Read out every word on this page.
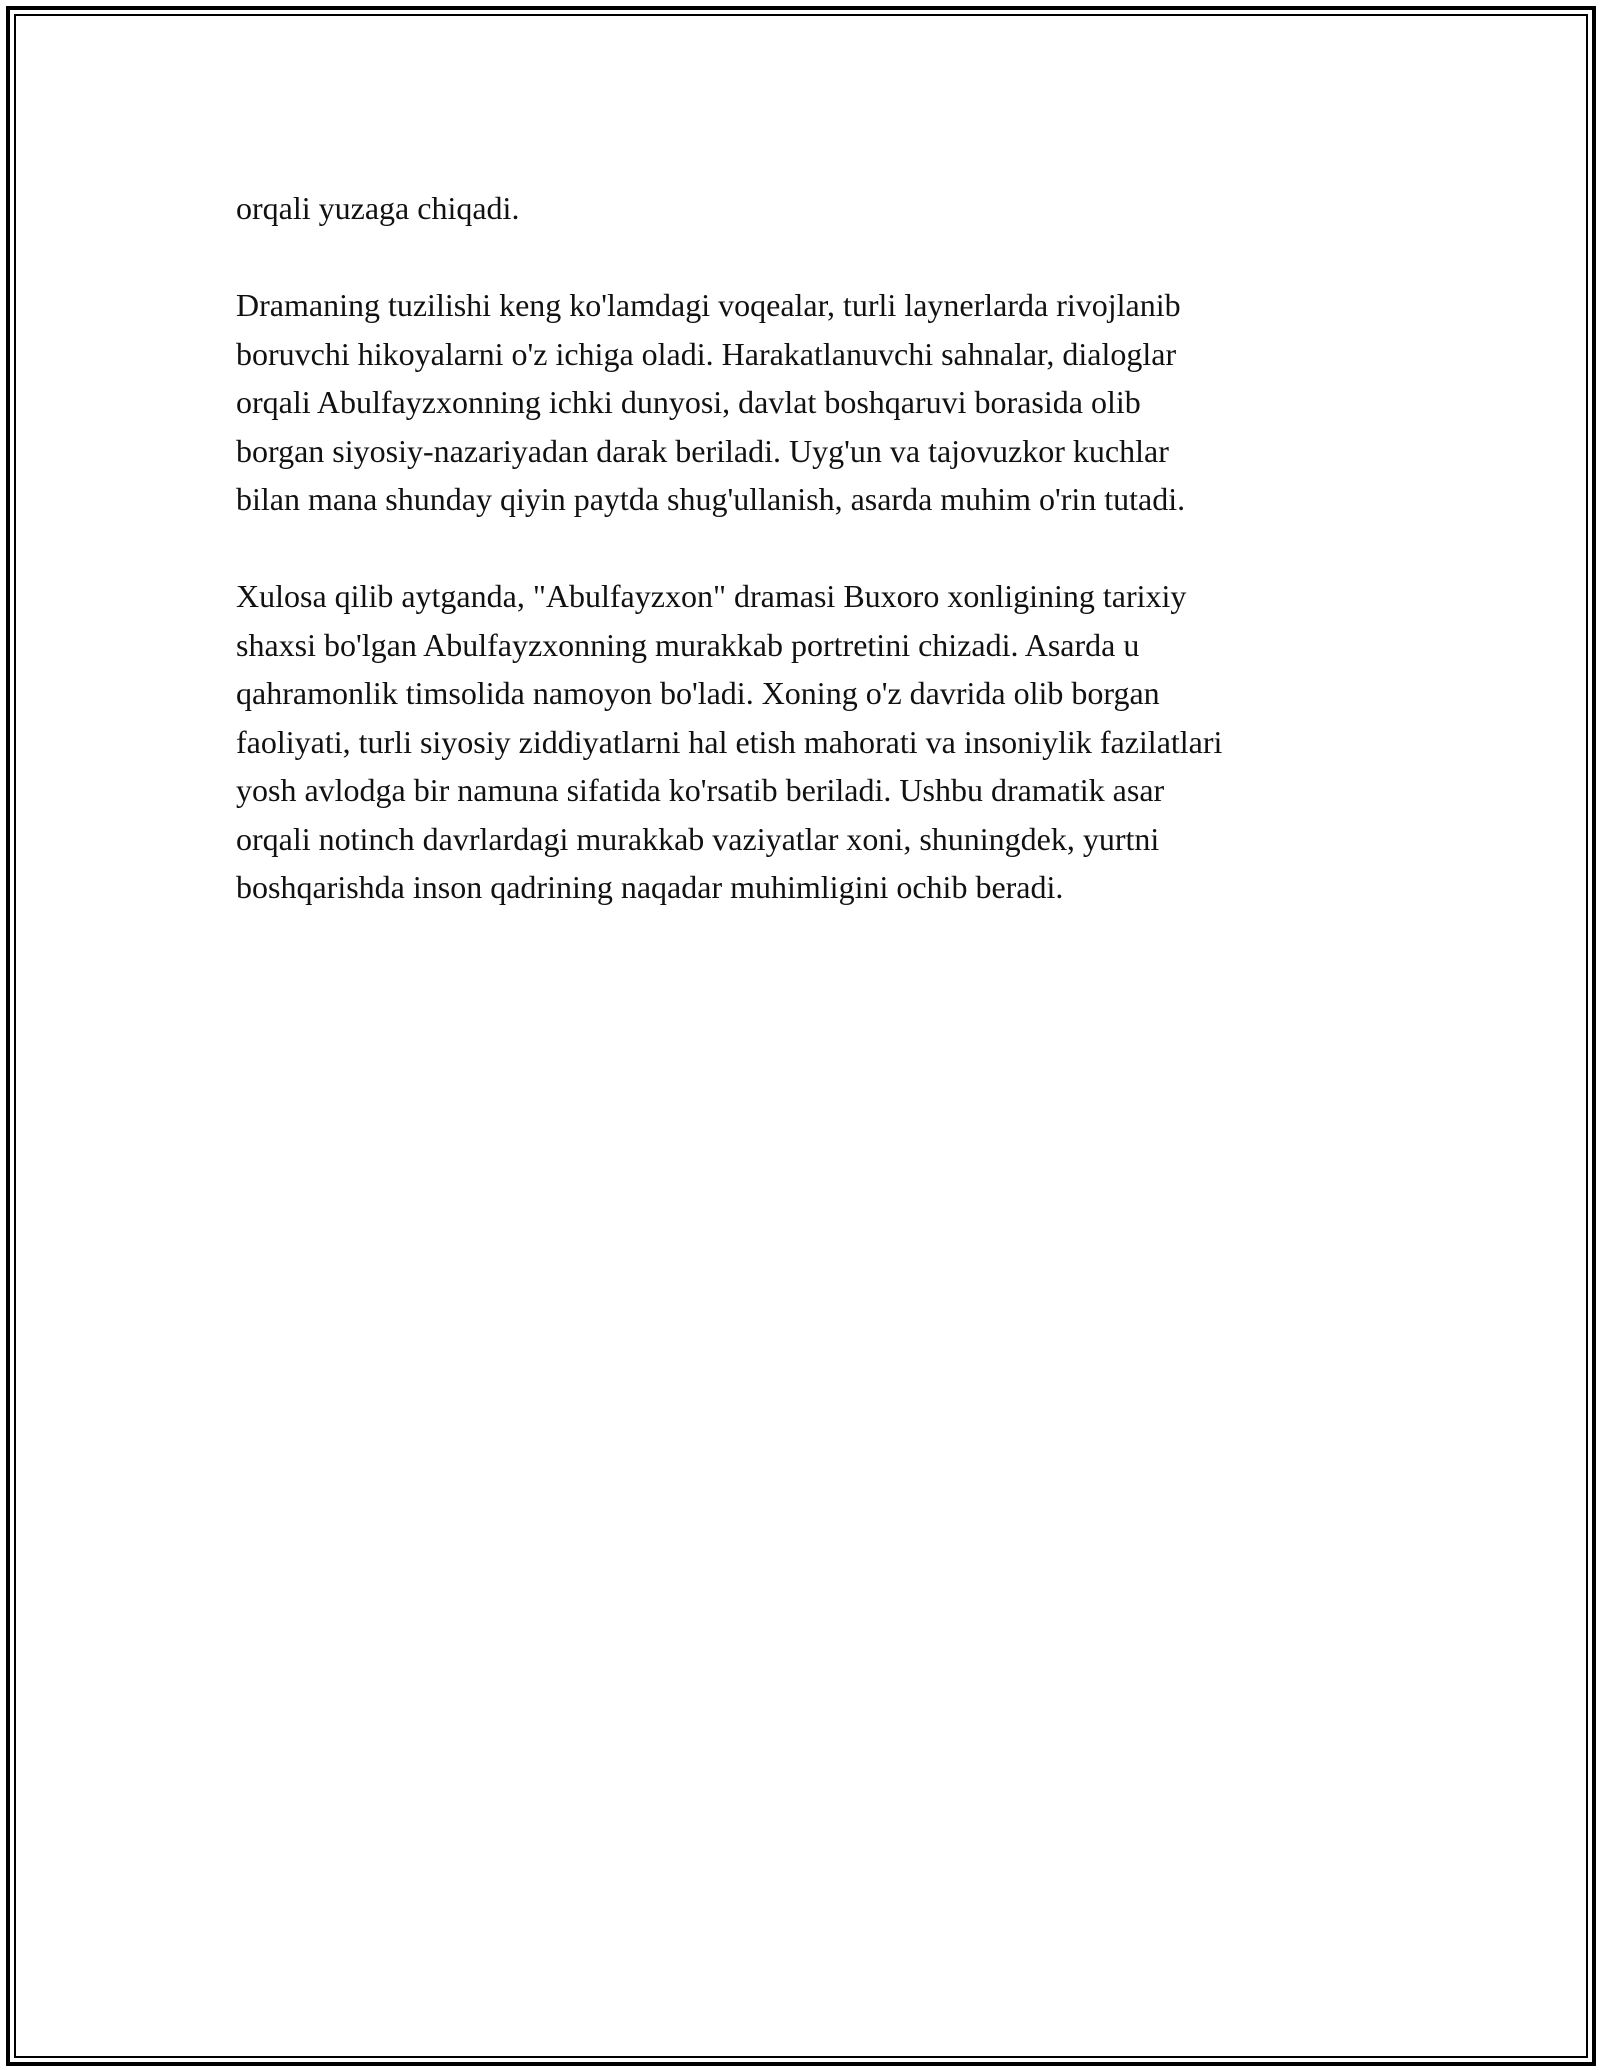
orqali yuzaga chiqadi.

Dramaning tuzilishi keng ko'lamdagi voqealar, turli laynerlarda rivojlanib
boruvchi hikoyalarni o'z ichiga oladi. Harakatlanuvchi sahnalar, dialoglar
orqali Abulfayzxonning ichki dunyosi, davlat boshqaruvi borasida olib
borgan siyosiy-nazariyadan darak beriladi. Uyg'un va tajovuzkor kuchlar
bilan mana shunday qiyin paytda shug'ullanish, asarda muhim o'rin tutadi.

Xulosa qilib aytganda, "Abulfayzxon" dramasi Buxoro xonligining tarixiy
shaxsi bo'lgan Abulfayzxonning murakkab portretini chizadi. Asarda u
qahramonlik timsolida namoyon bo'ladi. Xoning o'z davrida olib borgan
faoliyati, turli siyosiy ziddiyatlarni hal etish mahorati va insoniylik fazilatlari
yosh avlodga bir namuna sifatida ko'rsatib beriladi. Ushbu dramatik asar
orqali notinch davrlardagi murakkab vaziyatlar xoni, shuningdek, yurtni
boshqarishda inson qadrining naqadar muhimligini ochib beradi.
